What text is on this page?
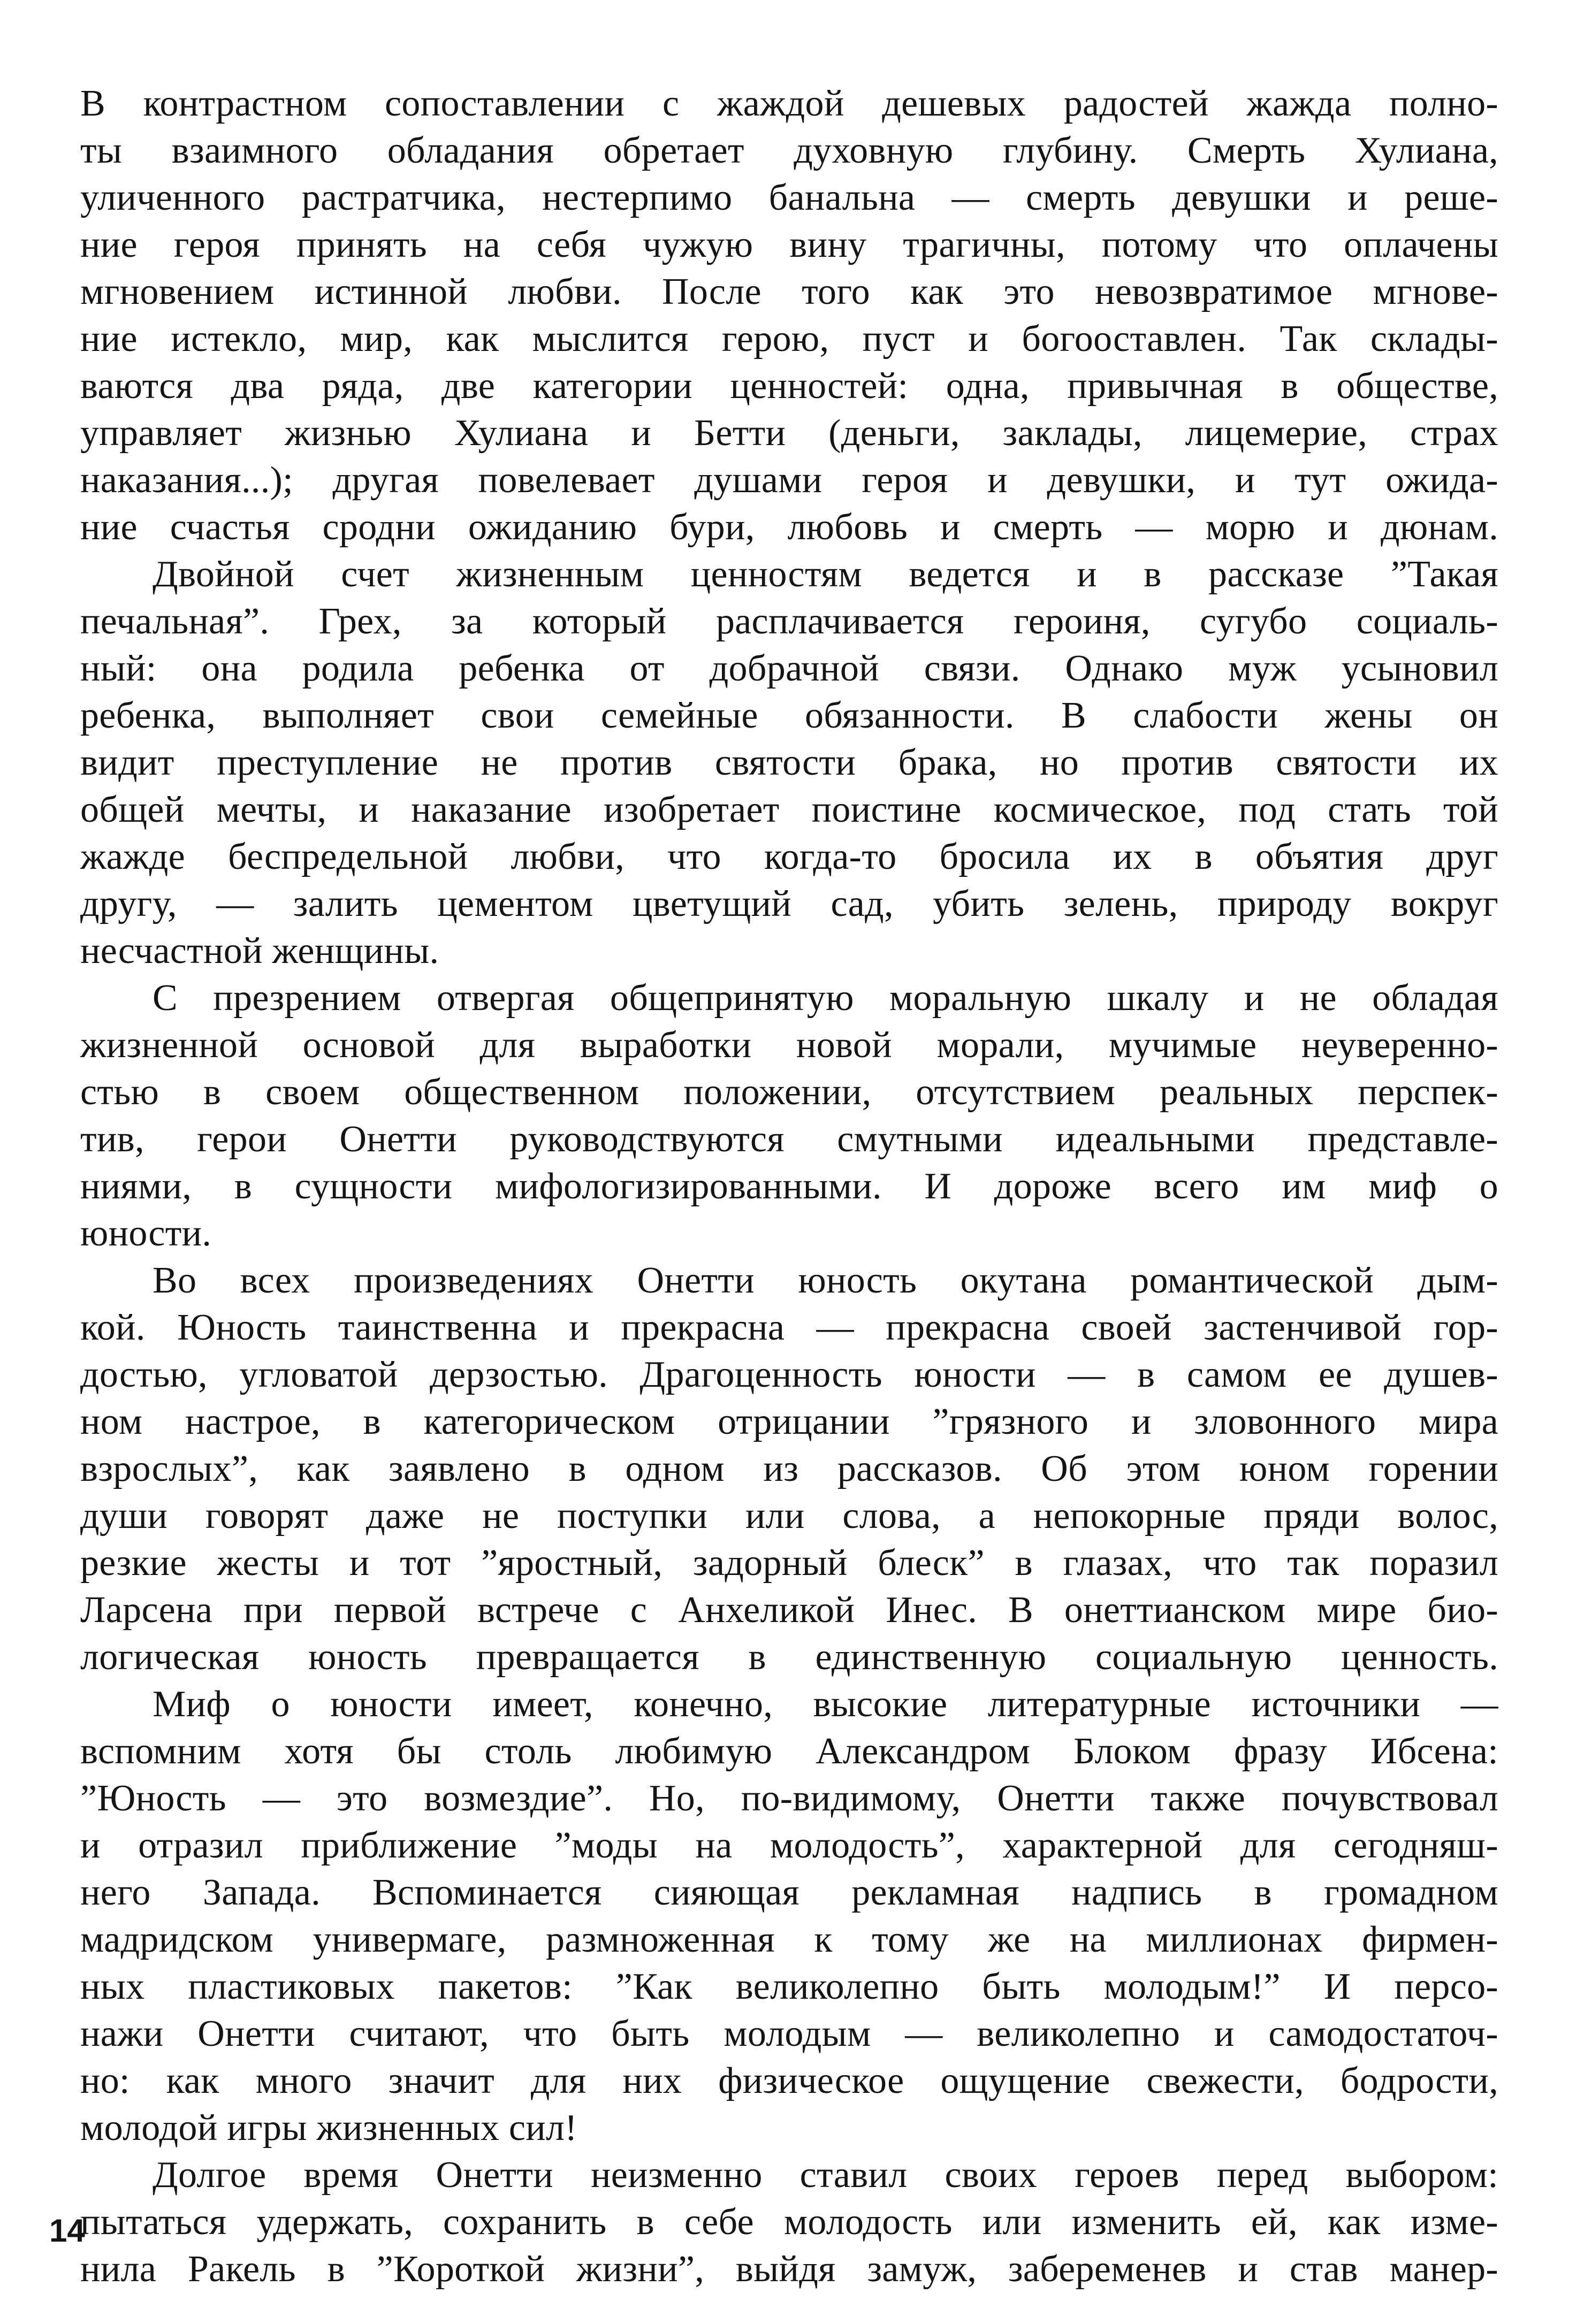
В контрастном сопоставлении с жаждой дешевых радостей жажда полно-
ты взаимного обладания обретает духовную глубину. Смерть Хулиана,
уличенного растратчика, нестерпимо банальна — смерть девушки и реше-
ние героя принять на себя чужую вину трагичны, потому что оплачены
мгновением истинной любви. После того как это невозвратимое мгнове-
ние истекло, мир, как мыслится герою, пуст и богооставлен. Так склады-
ваются два ряда, две категории ценностей: одна, привычная в обществе,
управляет жизнью Хулиана и Бетти (деньги, заклады, лицемерие, страх
наказания...); другая повелевает душами героя и девушки, и тут ожида-
ние счастья сродни ожиданию бури, любовь и смерть — морю и дюнам.
Двойной счет жизненным ценностям ведется и в рассказе ”Такая
печальная”. Грех, за который расплачивается героиня, сугубо социаль-
ный: она родила ребенка от добрачной связи. Однако муж усыновил
ребенка, выполняет свои семейные обязанности. В слабости жены он
видит преступление не против святости брака, но против святости их
общей мечты, и наказание изобретает поистине космическое, под стать той
жажде беспредельной любви, что когда-то бросила их в объятия друг
другу, — залить цементом цветущий сад, убить зелень, природу вокруг
несчастной женщины.
С презрением отвергая общепринятую моральную шкалу и не обладая
жизненной основой для выработки новой морали, мучимые неуверенно-
стью в своем общественном положении, отсутствием реальных перспек-
тив, герои Онетти руководствуются смутными идеальными представле-
ниями, в сущности мифологизированными. И дороже всего им миф о
юности.
Во всех произведениях Онетти юность окутана романтической дым-
кой. Юность таинственна и прекрасна — прекрасна своей застенчивой гор-
достью, угловатой дерзостью. Драгоценность юности — в самом ее душев-
ном настрое, в категорическом отрицании ”грязного и зловонного мира
взрослых”, как заявлено в одном из рассказов. Об этом юном горении
души говорят даже не поступки или слова, а непокорные пряди волос,
резкие жесты и тот ”яростный, задорный блеск” в глазах, что так поразил
Ларсена при первой встрече с Анхеликой Инес. В онеттианском мире био-
логическая юность превращается в единственную социальную ценность.
Миф о юности имеет, конечно, высокие литературные источники —
вспомним хотя бы столь любимую Александром Блоком фразу Ибсена:
”Юность — это возмездие”. Но, по-видимому, Онетти также почувствовал
и отразил приближение ”моды на молодость”, характерной для сегодняш-
него Запада. Вспоминается сияющая рекламная надпись в громадном
мадридском универмаге, размноженная к тому же на миллионах фирмен-
ных пластиковых пакетов: ”Как великолепно быть молодым!” И персо-
нажи Онетти считают, что быть молодым — великолепно и самодостаточ-
но: как много значит для них физическое ощущение свежести, бодрости,
молодой игры жизненных сил!
Долгое время Онетти неизменно ставил своих героев перед выбором:
пытаться удержать, сохранить в себе молодость или изменить ей, как изме-
нила Ракель в ”Короткой жизни”, выйдя замуж, забеременев и став манер-
14
